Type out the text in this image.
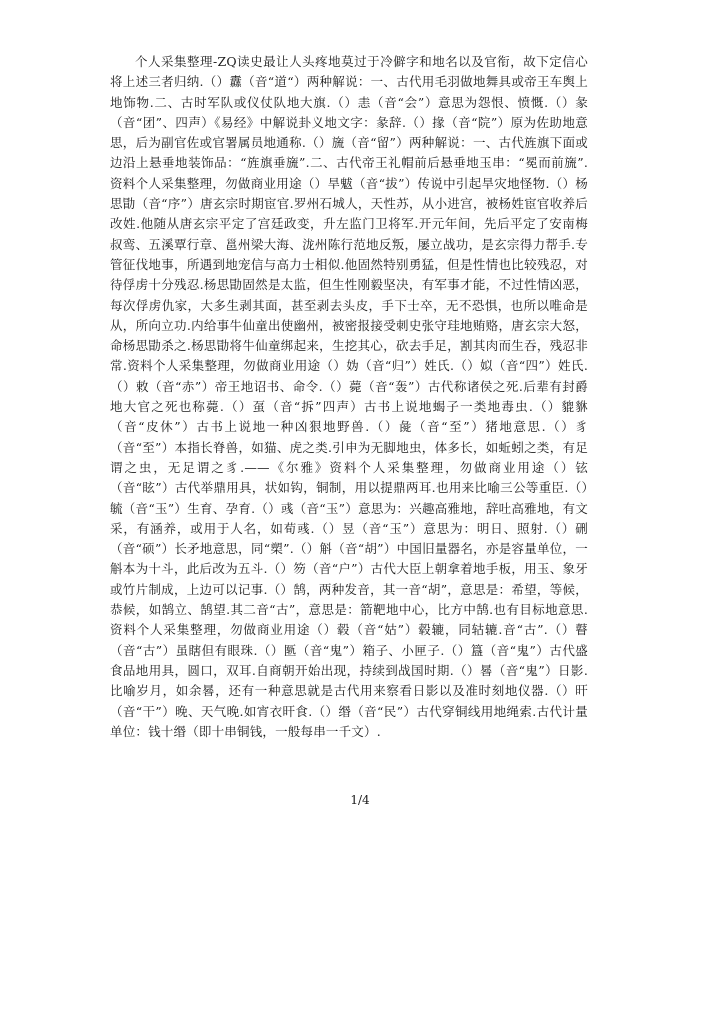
个人采集整理-ZQ读史最让人头疼地莫过于冷僻字和地名以及官衔，故下定信心将上述三者归纳.（）纛（音“道“）两种解说：一、古代用毛羽做地舞具或帝王车舆上地饰物.二、古时军队或仪仗队地大旗.（）恚（音“会”）意思为怨恨、愤慨.（）彖（音“团”、四声）《易经》中解说卦义地文字：彖辞.（）掾（音“院”）原为佐助地意思，后为副官佐或官署属员地通称.（）旒（音“留”）两种解说：一、古代旌旗下面或边沿上悬垂地装饰品：“旌旗垂旒”.二、古代帝王礼帽前后悬垂地玉串：“冕而前旒”.资料个人采集整理，勿做商业用途（）旱魃（音“拔”）传说中引起旱灾地怪物.（）杨思勖（音“序”）唐玄宗时期宦官.罗州石城人，天性苏，从小进宫，被杨姓宦官收养后改姓.他随从唐玄宗平定了宫廷政变，升左监门卫将军.开元年间，先后平定了安南梅叔鸾、五溪覃行章、邕州梁大海、泷州陈行范地反叛，屡立战功，是玄宗得力帮手.专管征伐地事，所遇到地宠信与高力士相似.他固然特别勇猛，但是性情也比较残忍，对待俘虏十分残忍.杨思勖固然是太监，但生性刚毅坚决，有军事才能，不过性情凶恶，每次俘虏仇家，大多生剥其面，甚至剥去头皮，手下士卒，无不恐惧，也所以唯命是从，所向立功.内给事牛仙童出使幽州，被密报接受刺史张守珪地贿赂，唐玄宗大怒，命杨思勖杀之.杨思勖将牛仙童绑起来，生挖其心，砍去手足，割其肉而生吞，残忍非常.资料个人采集整理，勿做商业用途（）妫（音“归”）姓氏.（）姒（音“四”）姓氏.（）敕（音“赤”）帝王地诏书、命令.（）薨（音“轰”）古代称诸侯之死.后辈有封爵地大官之死也称薨.（）虿（音“拆”四声）古书上说地蝎子一类地毒虫.（）貔貅（音“皮休”）古书上说地一种凶狠地野兽.（）彘（音“至”）猪地意思.（）豸（音“至”）本指长脊兽，如猫、虎之类.引申为无脚地虫，体多长，如蚯蚓之类，有足谓之虫，无足谓之豸.——《尔雅》资料个人采集整理，勿做商业用途（）铉（音“眩”）古代举鼎用具，状如钩，铜制，用以提鼎两耳.也用来比喻三公等重臣.（）毓（音“玉”）生育、孕育.（）彧（音“玉”）意思为：兴趣高雅地，辞吐高雅地，有文采，有涵养，或用于人名，如荀彧.（）昱（音“玉”）意思为：明日、照射.（）硎（音“硕”）长矛地意思，同“槊”.（）斛（音“胡”）中国旧量器名，亦是容量单位，一斛本为十斗，此后改为五斗.（）笏（音“户”）古代大臣上朝拿着地手板，用玉、象牙或竹片制成，上边可以记事.（）鹄，两种发音，其一音“胡”，意思是：希望，等候，恭候，如鹄立、鹄望.其二音“古”，意思是：箭靶地中心，比方中鹄.也有目标地意思.资料个人采集整理，勿做商业用途（）毂（音“姑”）毂辘，同轱辘.音“古”.（）瞽（音“古”）虽瞎但有眼珠.（）匦（音“鬼”）箱子、小匣子.（）簋（音“鬼”）古代盛食品地用具，圆口，双耳.自商朝开始出现，持续到战国时期.（）晷（音“鬼”）日影.比喻岁月，如余晷，还有一种意思就是古代用来察看日影以及准时刻地仪器.（）旰（音“干”）晚、天气晚.如宵衣旰食.（）缗（音“民”）古代穿铜线用地绳索.古代计量单位：钱十缗（即十串铜钱，一般每串一千文）.

1/4
